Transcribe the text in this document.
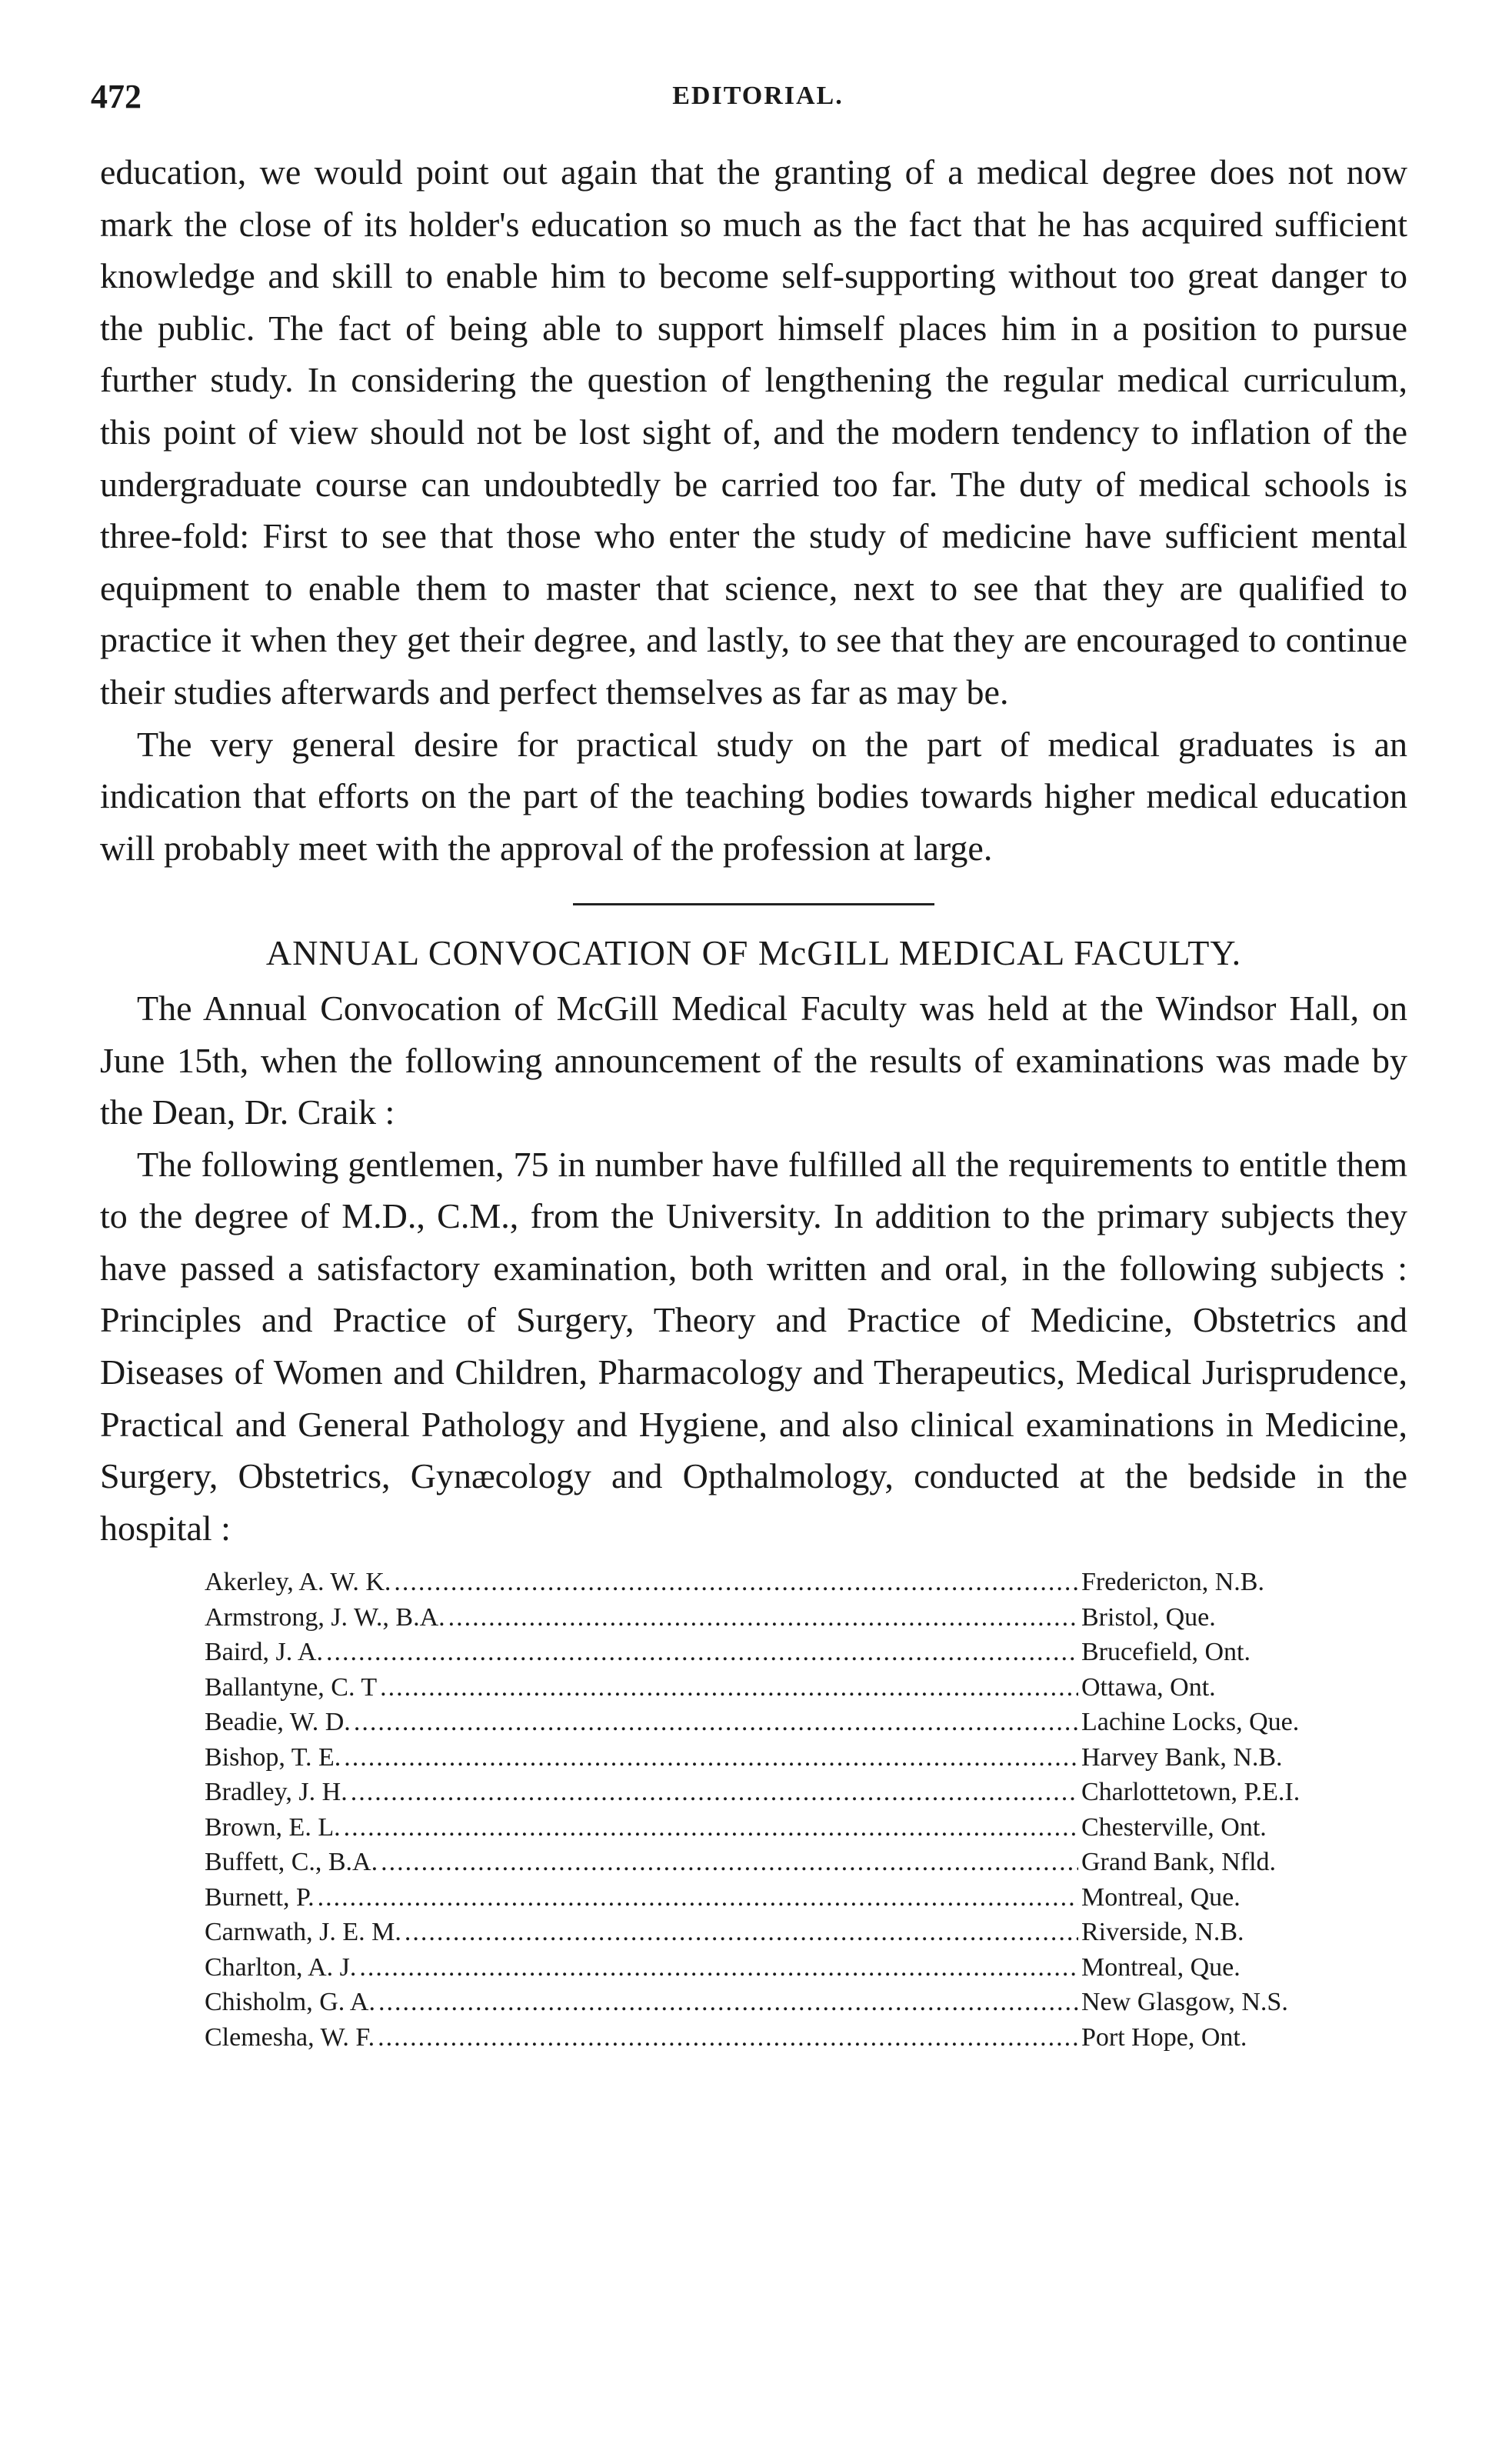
472	EDITORIAL.

education, we would point out again that the granting of a medical degree does not now mark the close of its holder's education so much as the fact that he has acquired sufficient knowledge and skill to enable him to become self-supporting without too great danger to the public. The fact of being able to support himself places him in a position to pursue further study. In considering the question of lengthening the regular medical curriculum, this point of view should not be lost sight of, and the modern tendency to inflation of the undergraduate course can undoubtedly be carried too far. The duty of medical schools is three-fold: First to see that those who enter the study of medicine have sufficient mental equipment to enable them to master that science, next to see that they are qualified to practice it when they get their degree, and lastly, to see that they are encouraged to continue their studies afterwards and perfect themselves as far as may be.

The very general desire for practical study on the part of medical graduates is an indication that efforts on the part of the teaching bodies towards higher medical education will probably meet with the approval of the profession at large.

ANNUAL CONVOCATION OF McGILL MEDICAL FACULTY.

The Annual Convocation of McGill Medical Faculty was held at the Windsor Hall, on June 15th, when the following announcement of the results of examinations was made by the Dean, Dr. Craik :

The following gentlemen, 75 in number have fulfilled all the requirements to entitle them to the degree of M.D., C.M., from the University. In addition to the primary subjects they have passed a satisfactory examination, both written and oral, in the following subjects : Principles and Practice of Surgery, Theory and Practice of Medicine, Obstetrics and Diseases of Women and Children, Pharmacology and Therapeutics, Medical Jurisprudence, Practical and General Pathology and Hygiene, and also clinical examinations in Medicine, Surgery, Obstetrics, Gynæcology and Opthalmology, conducted at the bedside in the hospital :

Akerley, A. W. K. .....	Fredericton, N.B.
Armstrong, J. W., B.A. .....	Bristol, Que.
Baird, J. A. .....	Brucefield, Ont.
Ballantyne, C. T .....	Ottawa, Ont.
Beadie, W. D. .....	Lachine Locks, Que.
Bishop, T. E. .....	Harvey Bank, N.B.
Bradley, J. H. .....	Charlottetown, P.E.I.
Brown, E. L. .....	Chesterville, Ont.
Buffett, C., B.A. .....	Grand Bank, Nfld.
Burnett, P. .....	Montreal, Que.
Carnwath, J. E. M. .....	Riverside, N.B.
Charlton, A. J. .....	Montreal, Que.
Chisholm, G. A. .....	New Glasgow, N.S.
Clemesha, W. F. .....	Port Hope, Ont.
